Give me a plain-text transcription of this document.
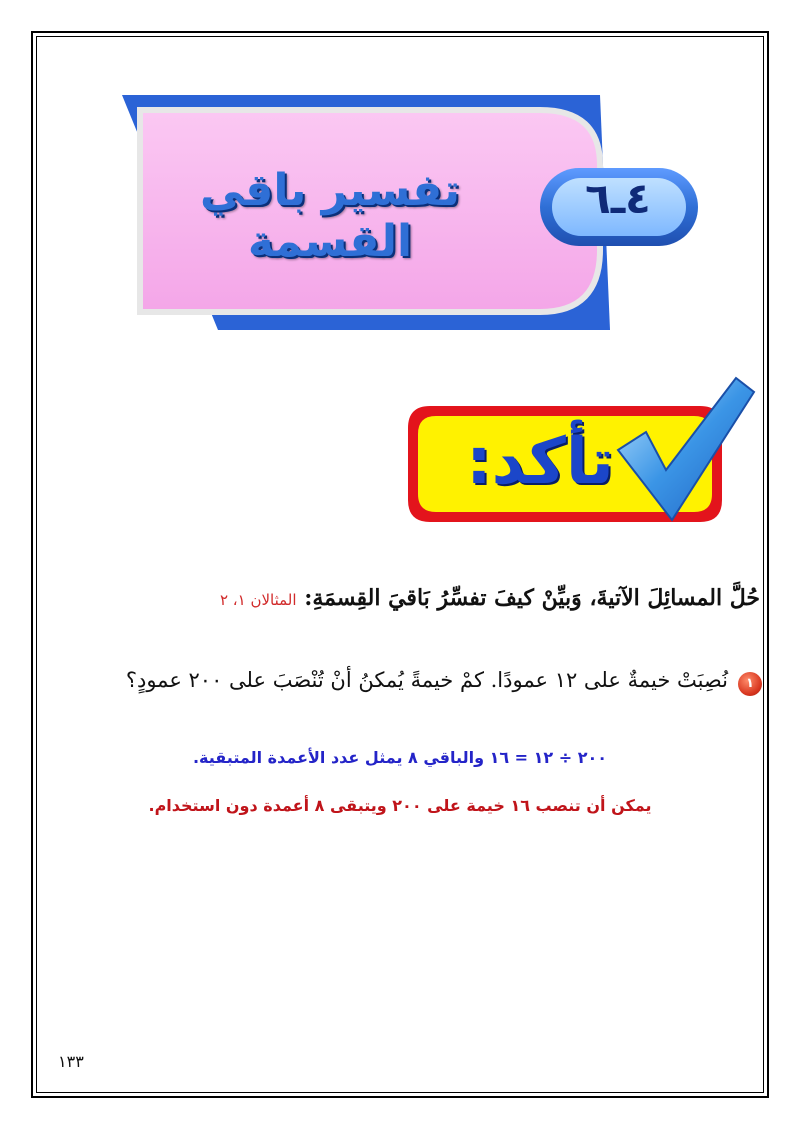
تفسير باقي القسمة
٤ـ٦
تأكد:
حُلَّ المسائِلَ الآتيةَ، وَبيِّنْ كيفَ تفسِّرُ بَاقيَ القِسمَةِ: المثالان ١، ٢
١
نُصِبَتْ خيمةٌ على ١٢ عمودًا. كمْ خيمةً يُمكنُ أنْ تُنْصَبَ على ٢٠٠ عمودٍ؟
٢٠٠ ÷ ١٢ = ١٦ والباقي ٨ يمثل عدد الأعمدة المتبقية.
يمكن أن تنصب ١٦ خيمة على ٢٠٠ ويتبقى ٨ أعمدة دون استخدام.
١٣٣
